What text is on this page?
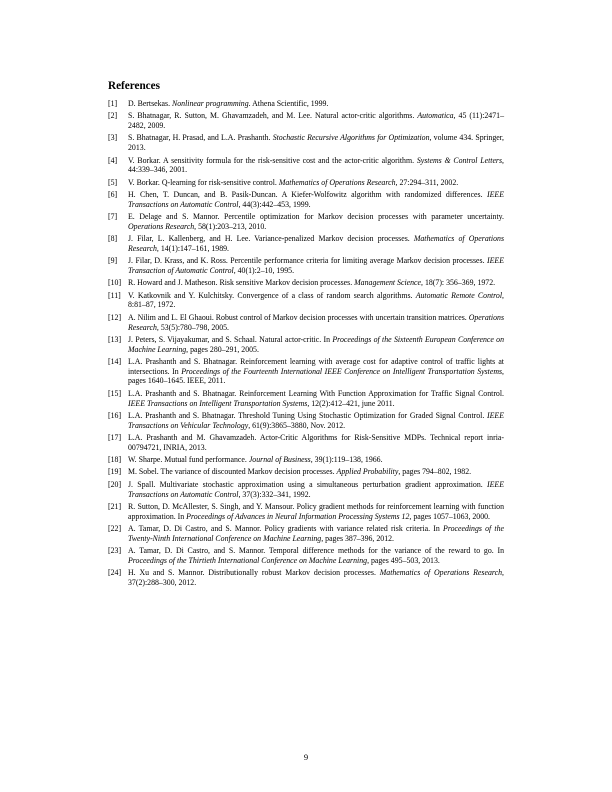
References
[1]	D. Bertsekas. Nonlinear programming. Athena Scientific, 1999.
[2]	S. Bhatnagar, R. Sutton, M. Ghavamzadeh, and M. Lee. Natural actor-critic algorithms. Automatica, 45 (11):2471–2482, 2009.
[3]	S. Bhatnagar, H. Prasad, and L.A. Prashanth. Stochastic Recursive Algorithms for Optimization, volume 434. Springer, 2013.
[4]	V. Borkar. A sensitivity formula for the risk-sensitive cost and the actor-critic algorithm. Systems & Control Letters, 44:339–346, 2001.
[5]	V. Borkar. Q-learning for risk-sensitive control. Mathematics of Operations Research, 27:294–311, 2002.
[6]	H. Chen, T. Duncan, and B. Pasik-Duncan. A Kiefer-Wolfowitz algorithm with randomized differences. IEEE Transactions on Automatic Control, 44(3):442–453, 1999.
[7]	E. Delage and S. Mannor. Percentile optimization for Markov decision processes with parameter uncertainty. Operations Research, 58(1):203–213, 2010.
[8]	J. Filar, L. Kallenberg, and H. Lee. Variance-penalized Markov decision processes. Mathematics of Operations Research, 14(1):147–161, 1989.
[9]	J. Filar, D. Krass, and K. Ross. Percentile performance criteria for limiting average Markov decision processes. IEEE Transaction of Automatic Control, 40(1):2–10, 1995.
[10] R. Howard and J. Matheson. Risk sensitive Markov decision processes. Management Science, 18(7): 356–369, 1972.
[11] V. Katkovnik and Y. Kulchitsky. Convergence of a class of random search algorithms. Automatic Remote Control, 8:81–87, 1972.
[12] A. Nilim and L. El Ghaoui. Robust control of Markov decision processes with uncertain transition matrices. Operations Research, 53(5):780–798, 2005.
[13] J. Peters, S. Vijayakumar, and S. Schaal. Natural actor-critic. In Proceedings of the Sixteenth European Conference on Machine Learning, pages 280–291, 2005.
[14] L.A. Prashanth and S. Bhatnagar. Reinforcement learning with average cost for adaptive control of traffic lights at intersections. In Proceedings of the Fourteenth International IEEE Conference on Intelligent Transportation Systems, pages 1640–1645. IEEE, 2011.
[15] L.A. Prashanth and S. Bhatnagar. Reinforcement Learning With Function Approximation for Traffic Signal Control. IEEE Transactions on Intelligent Transportation Systems, 12(2):412–421, june 2011.
[16] L.A. Prashanth and S. Bhatnagar. Threshold Tuning Using Stochastic Optimization for Graded Signal Control. IEEE Transactions on Vehicular Technology, 61(9):3865–3880, Nov. 2012.
[17] L.A. Prashanth and M. Ghavamzadeh. Actor-Critic Algorithms for Risk-Sensitive MDPs. Technical report inria-00794721, INRIA, 2013.
[18] W. Sharpe. Mutual fund performance. Journal of Business, 39(1):119–138, 1966.
[19] M. Sobel. The variance of discounted Markov decision processes. Applied Probability, pages 794–802, 1982.
[20] J. Spall. Multivariate stochastic approximation using a simultaneous perturbation gradient approximation. IEEE Transactions on Automatic Control, 37(3):332–341, 1992.
[21] R. Sutton, D. McAllester, S. Singh, and Y. Mansour. Policy gradient methods for reinforcement learning with function approximation. In Proceedings of Advances in Neural Information Processing Systems 12, pages 1057–1063, 2000.
[22] A. Tamar, D. Di Castro, and S. Mannor. Policy gradients with variance related risk criteria. In Proceedings of the Twenty-Ninth International Conference on Machine Learning, pages 387–396, 2012.
[23] A. Tamar, D. Di Castro, and S. Mannor. Temporal difference methods for the variance of the reward to go. In Proceedings of the Thirtieth International Conference on Machine Learning, pages 495–503, 2013.
[24] H. Xu and S. Mannor. Distributionally robust Markov decision processes. Mathematics of Operations Research, 37(2):288–300, 2012.
9
